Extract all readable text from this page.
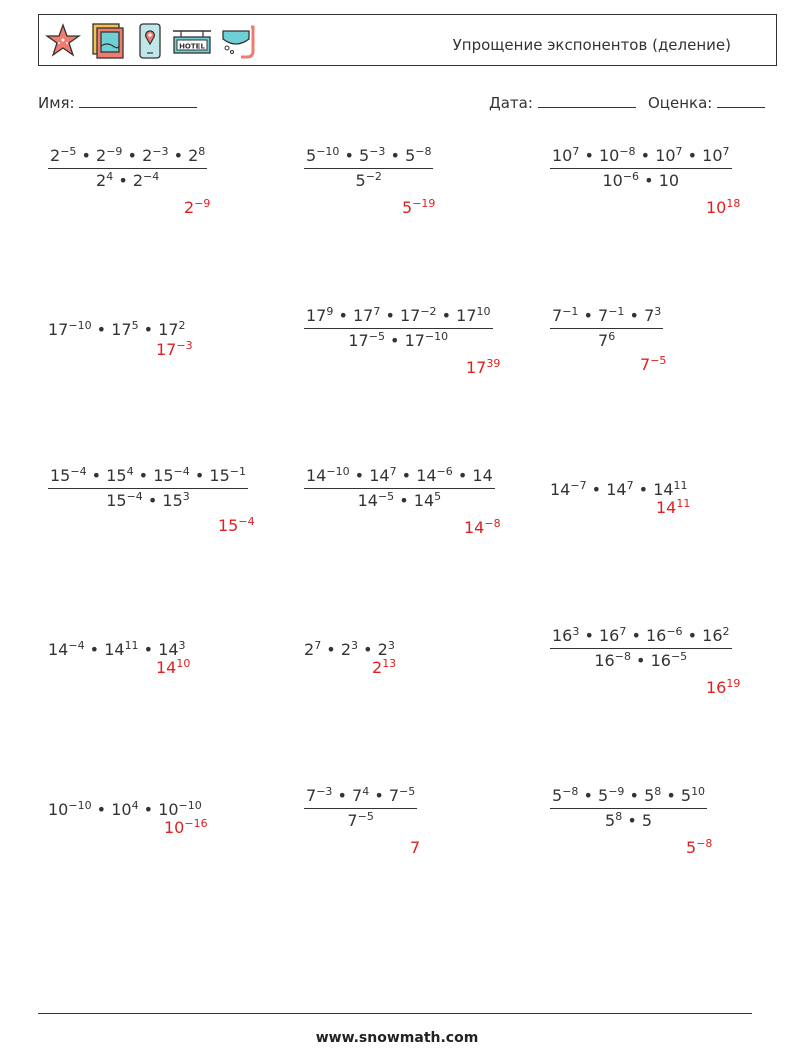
HOTEL	Упрощение экспонентов (деление)
Имя:	Дата:	Оценка:
$\frac{2^{-5} • 2^{-9} • 2^{-3} • 2^8}{2^4 • 2^{-4}}$
$2^{-9}$
$\frac{5^{-10} • 5^{-3} • 5^{-8}}{5^{-2}}$
$5^{-19}$
$\frac{10^7 • 10^{-8} • 10^7 • 10^7}{10^{-6} • 10}$
$10^{18}$
$17^{-10}$ • $17^5$ • $17^2$
$17^{-3}$	$\frac{17^9 • 17^7 • 17^{-2} • 17^{10}}{17^{-5} • 17^{-10}}$
$17^{39}$
$\frac{7^{-1} • 7^{-1} • 7^3}{7^6}$
$7^{-5}$
$\frac{15^{-4} • 15^4 • 15^{-4} • 15^{-1}}{15^{-4} • 15^3}$
$15^{-4}$
$\frac{14^{-10} • 14^7 • 14^{-6} • 14}{14^{-5} • 14^5}$
$14^{-8}$
$14^{-7}$ • $14^7$ • $14^{11}$
$14^{11}$
$14^{-4}$ • $14^{11}$ • $14^3$
$14^{10}$
$2^7$ • $2^3$ • $2^3$
$2^{13}$	$\frac{16^3 • 16^7 • 16^{-6} • 16^2}{16^{-8} • 16^{-5}}$
$16^{19}$
$10^{-10}$ • $10^4$ • $10^{-10}$
$10^{-16}$	$\frac{7^{-3} • 7^4 • 7^{-5}}{7^{-5}}$
7
$\frac{5^{-8} • 5^{-9} • 5^8 • 5^{10}}{5^8 • 5}$
$5^{-8}$
www.snowmath.com
